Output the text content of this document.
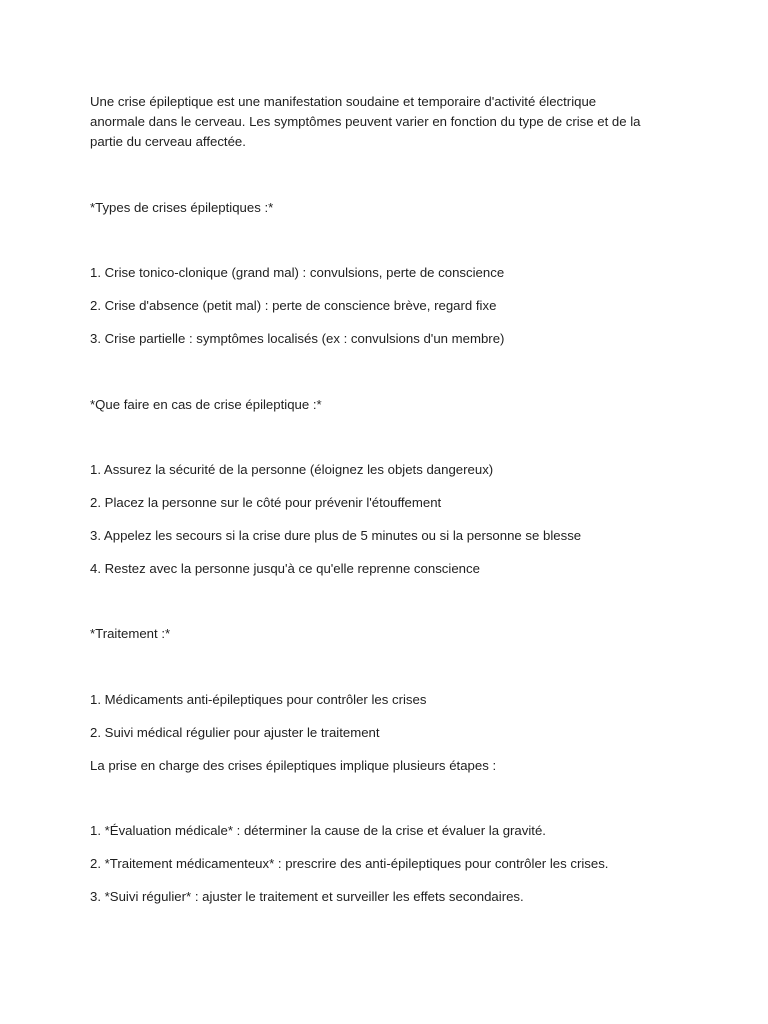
Une crise épileptique est une manifestation soudaine et temporaire d'activité électrique
anormale dans le cerveau. Les symptômes peuvent varier en fonction du type de crise et de la
partie du cerveau affectée.
*Types de crises épileptiques :*
1. Crise tonico-clonique (grand mal) : convulsions, perte de conscience
2. Crise d'absence (petit mal) : perte de conscience brève, regard fixe
3. Crise partielle : symptômes localisés (ex : convulsions d'un membre)
*Que faire en cas de crise épileptique :*
1. Assurez la sécurité de la personne (éloignez les objets dangereux)
2. Placez la personne sur le côté pour prévenir l'étouffement
3. Appelez les secours si la crise dure plus de 5 minutes ou si la personne se blesse
4. Restez avec la personne jusqu'à ce qu'elle reprenne conscience
*Traitement :*
1. Médicaments anti-épileptiques pour contrôler les crises
2. Suivi médical régulier pour ajuster le traitement
La prise en charge des crises épileptiques implique plusieurs étapes :
1. *Évaluation médicale* : déterminer la cause de la crise et évaluer la gravité.
2. *Traitement médicamenteux* : prescrire des anti-épileptiques pour contrôler les crises.
3. *Suivi régulier* : ajuster le traitement et surveiller les effets secondaires.
